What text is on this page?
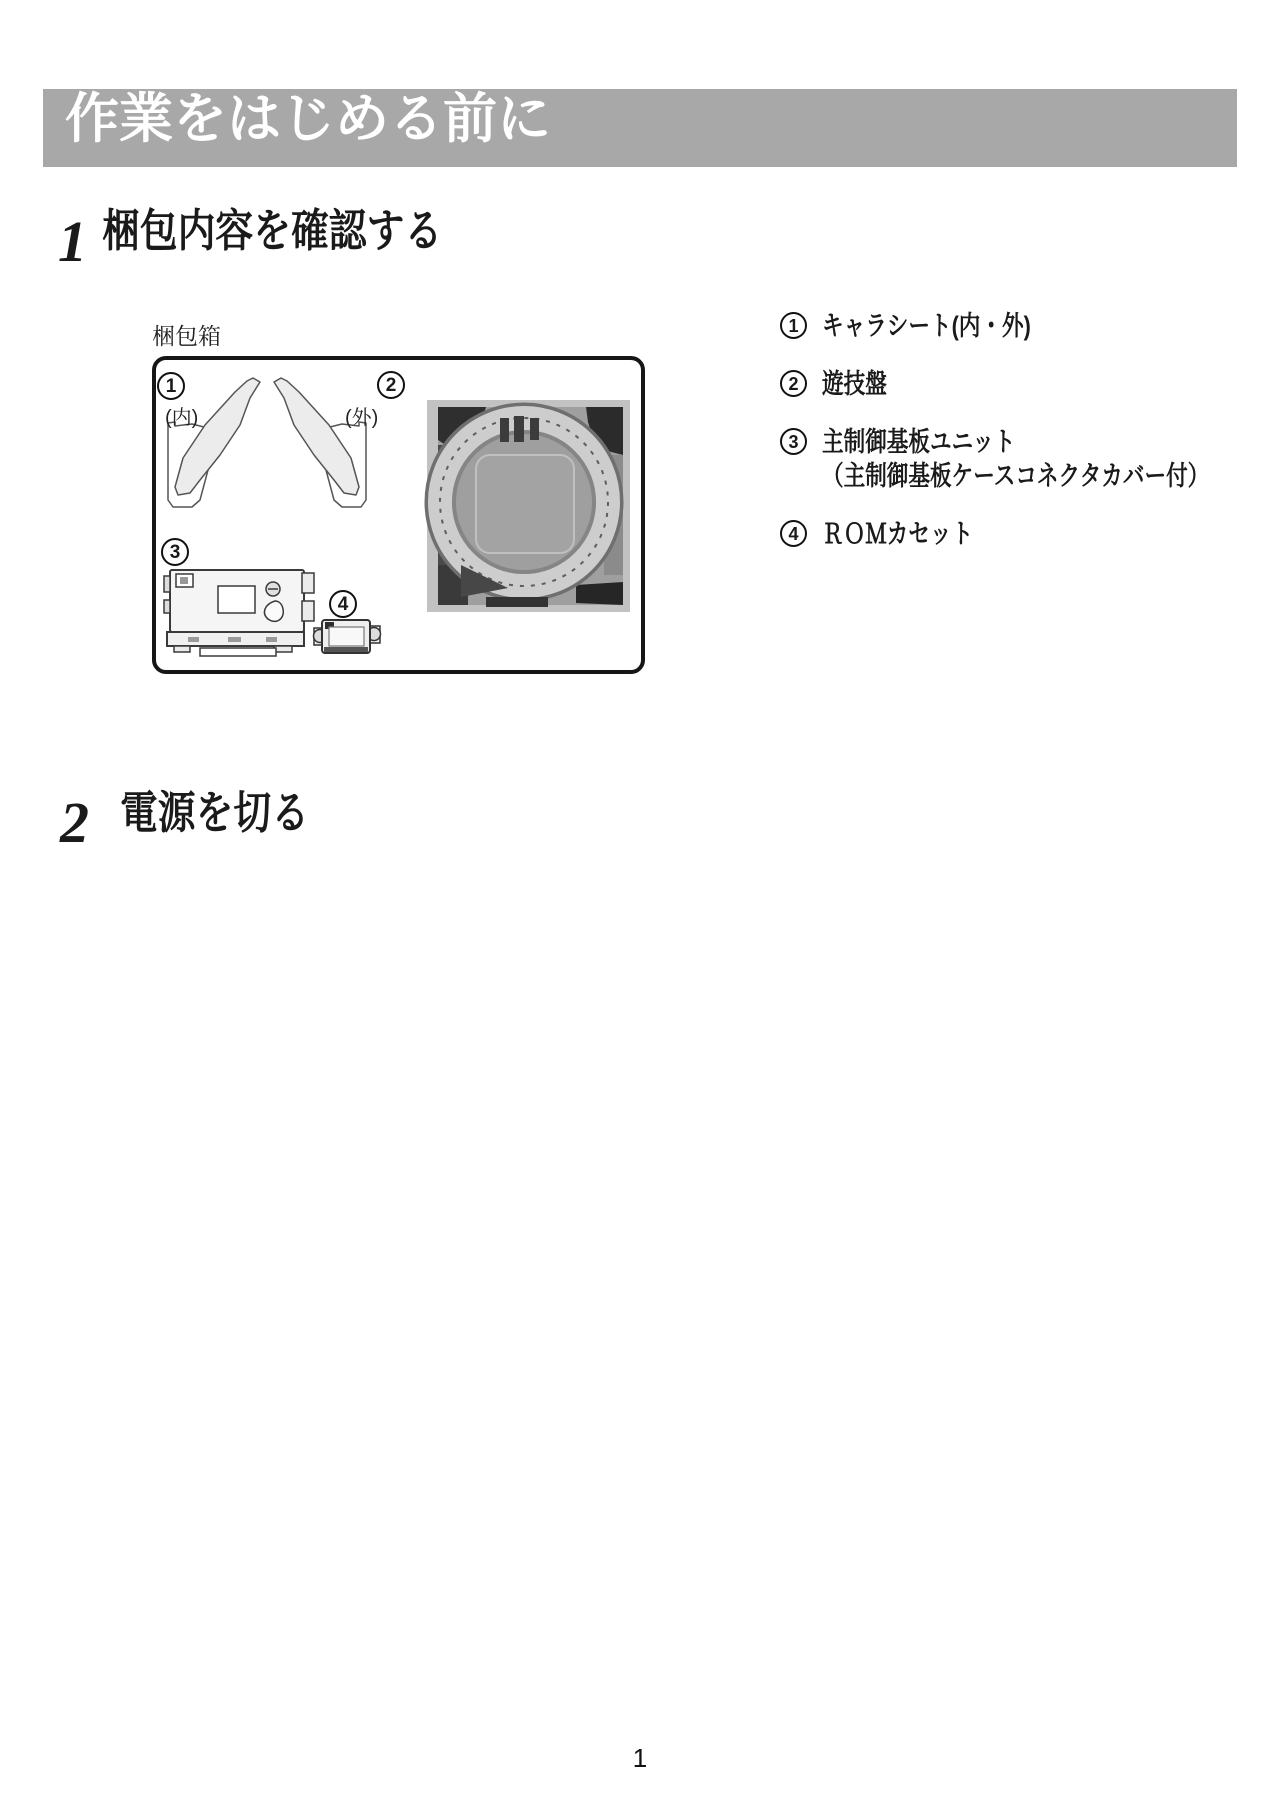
作業をはじめる前に
1 梱包内容を確認する
梱包箱
1	2
3
4
(内)	(外)
1 キャラシート(内・外)
2 遊技盤
3 主制御基板ユニット
（主制御基板ケースコネクタカバー付）
4 ＲＯＭカセット
2 電源を切る
1
